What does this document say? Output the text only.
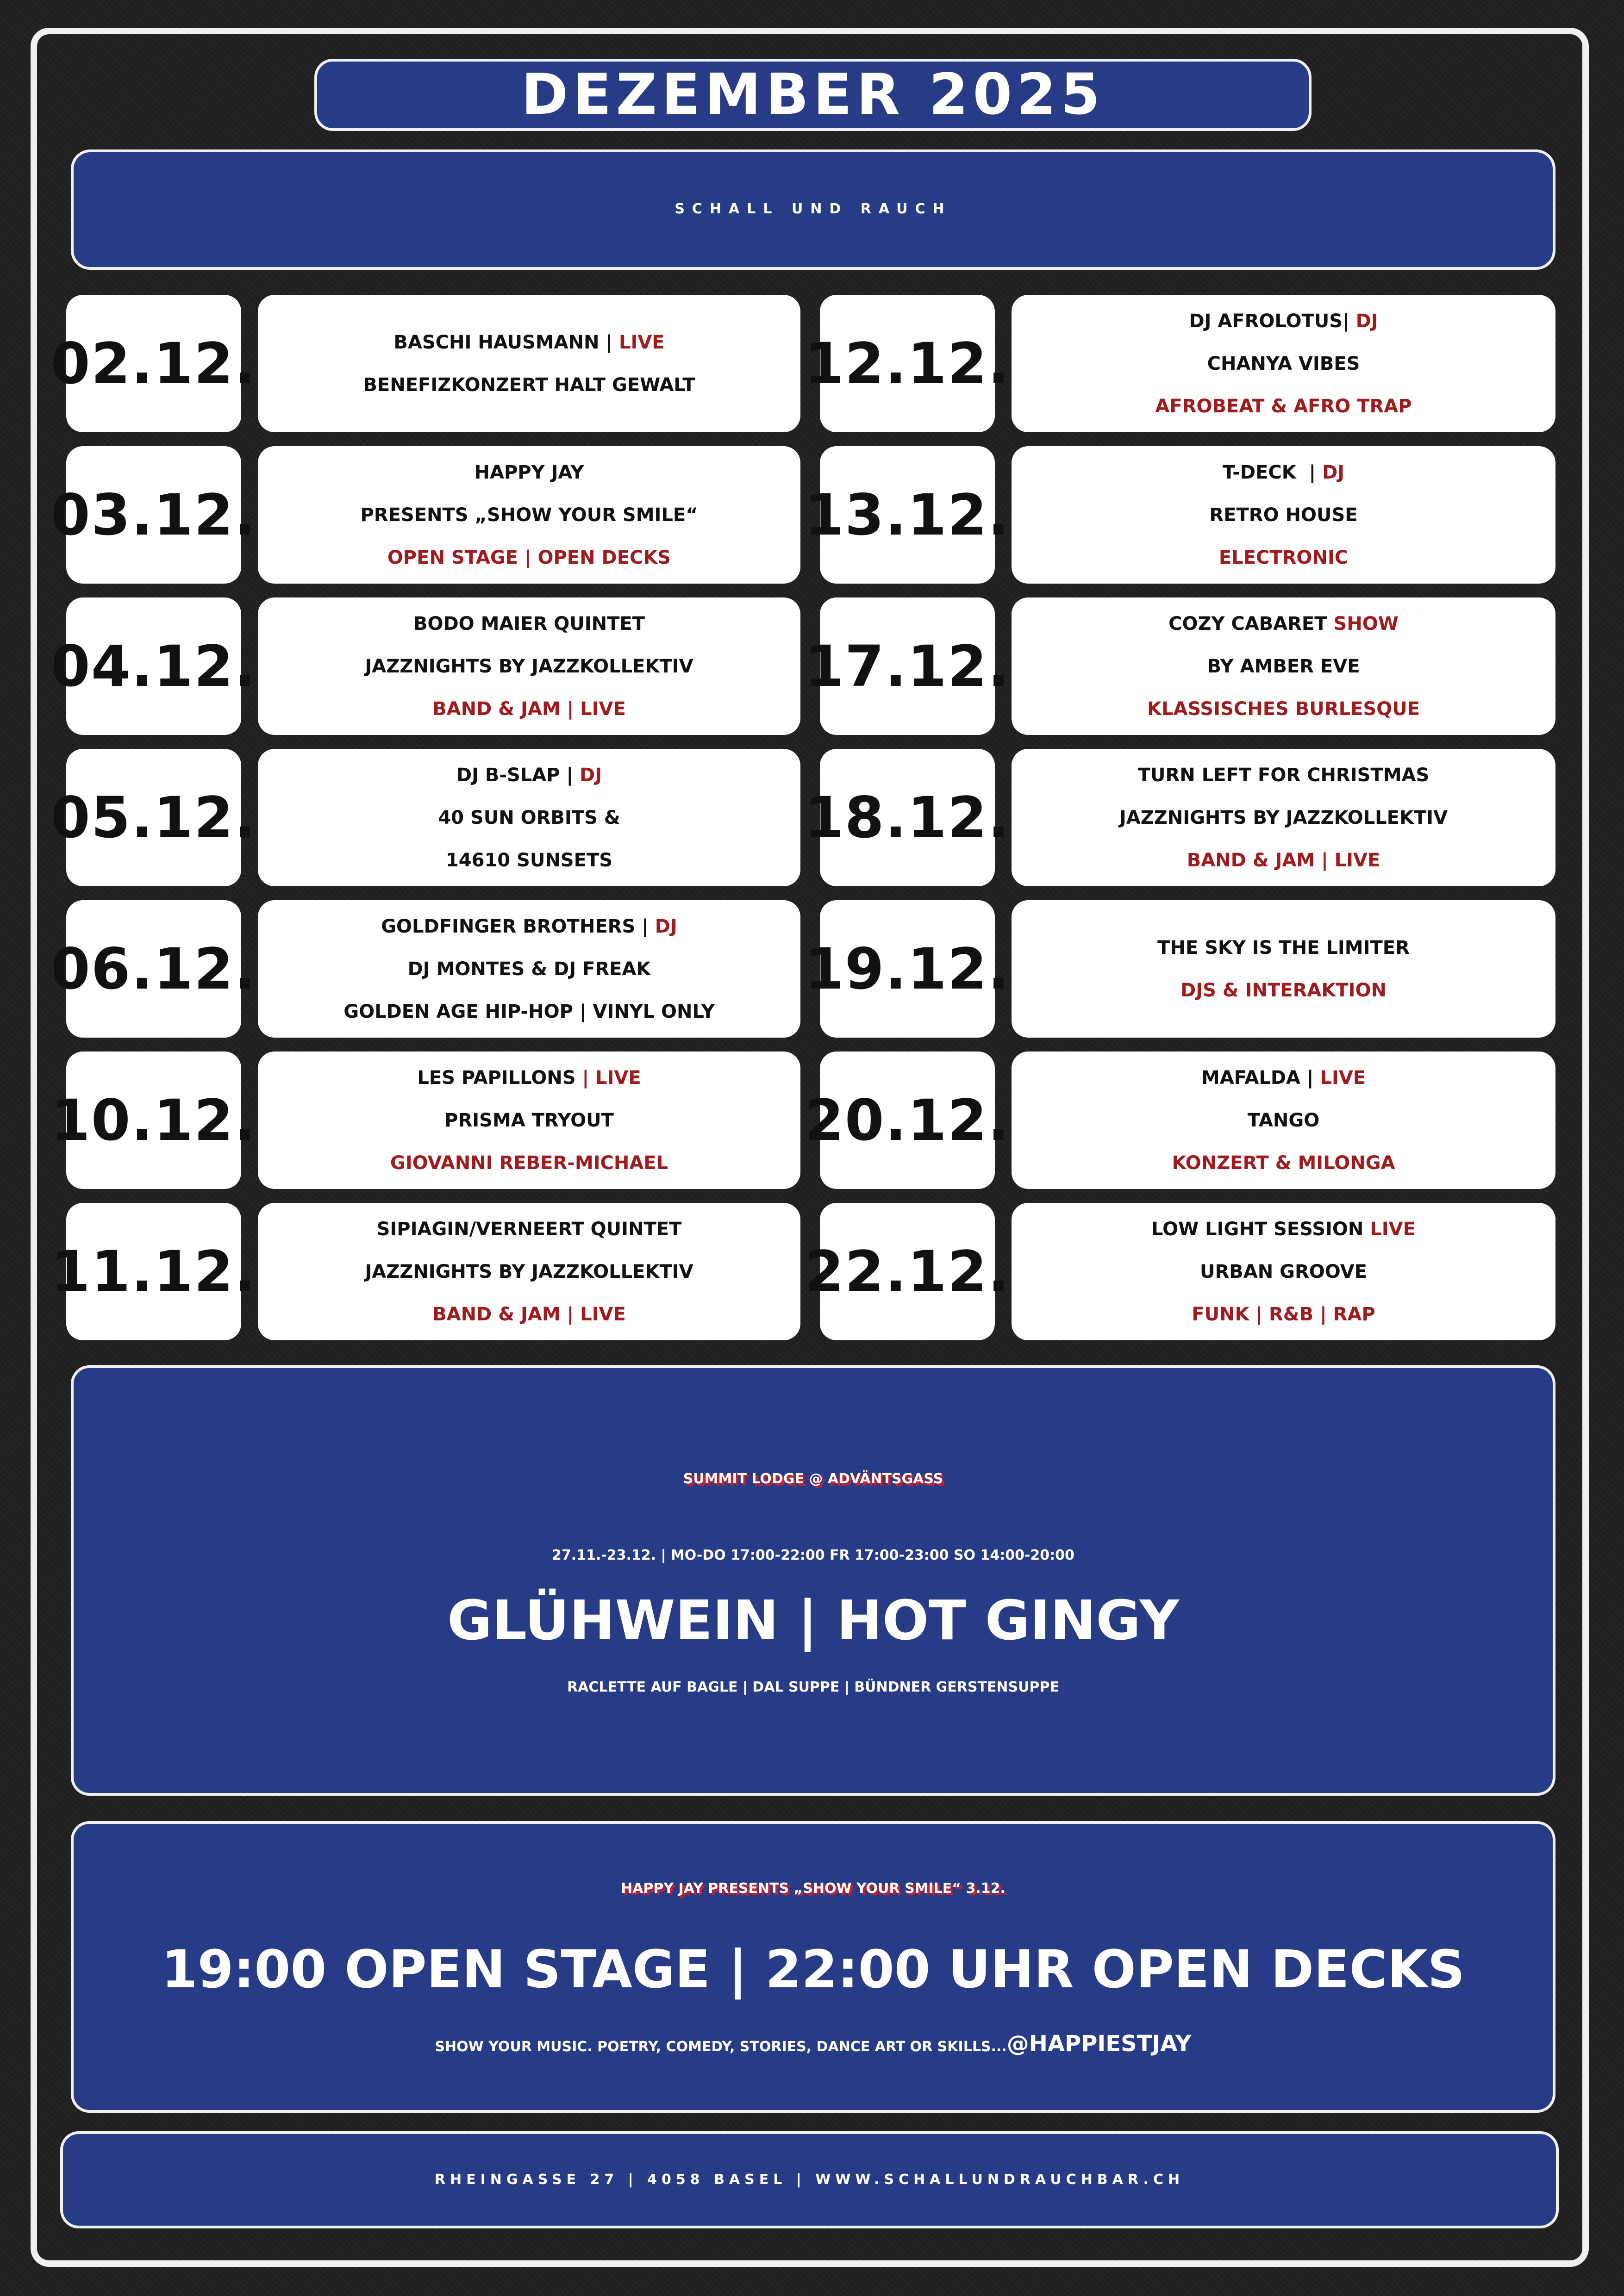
DEZEMBER 2025
SCHALL UND RAUCH
02.12.	BASCHI HAUSMANN | LIVE
BENEFIZKONZERT HALT GEWALT
03.12.
HAPPY JAY
PRESENTS „SHOW YOUR SMILE“
OPEN STAGE | OPEN DECKS
04.12.
BODO MAIER QUINTET
JAZZNIGHTS BY JAZZKOLLEKTIV
BAND & JAM | LIVE
05.12.
DJ B-SLAP | DJ
40 SUN ORBITS &
14610 SUNSETS
06.12.
GOLDFINGER BROTHERS | DJ
DJ MONTES & DJ FREAK
GOLDEN AGE HIP-HOP | VINYL ONLY
10.12.
LES PAPILLONS | LIVE
PRISMA TRYOUT
GIOVANNI REBER-MICHAEL
11.12.
SIPIAGIN/VERNEERT QUINTET
JAZZNIGHTS BY JAZZKOLLEKTIV
BAND & JAM | LIVE
12.12.
DJ AFROLOTUS| DJ
CHANYA VIBES
AFROBEAT & AFRO TRAP
13.12.
T-DECK  | DJ
RETRO HOUSE
ELECTRONIC
17.12.
COZY CABARET SHOW
BY AMBER EVE
KLASSISCHES BURLESQUE
18.12.
TURN LEFT FOR CHRISTMAS
JAZZNIGHTS BY JAZZKOLLEKTIV
BAND & JAM | LIVE
19.12.	THE SKY IS THE LIMITER
DJS & INTERAKTION
20.12.
MAFALDA | LIVE
TANGO
KONZERT & MILONGA
22.12.
LOW LIGHT SESSION LIVE
URBAN GROOVE
FUNK | R&B | RAP
SUMMIT LODGE @ ADVÄNTSGASS
27.11.-23.12. | MO-DO 17:00-22:00 FR 17:00-23:00 SO 14:00-20:00
GLÜHWEIN | HOT GINGY
RACLETTE AUF BAGLE | DAL SUPPE | BÜNDNER GERSTENSUPPE
HAPPY JAY PRESENTS „SHOW YOUR SMILE“ 3.12.
19:00 OPEN STAGE | 22:00 UHR OPEN DECKS
SHOW YOUR MUSIC. POETRY, COMEDY, STORIES, DANCE ART OR SKILLS...@HAPPIESTJAY
RHEINGASSE 27 | 4058 BASEL | WWW.SCHALLUNDRAUCHBAR.CH
